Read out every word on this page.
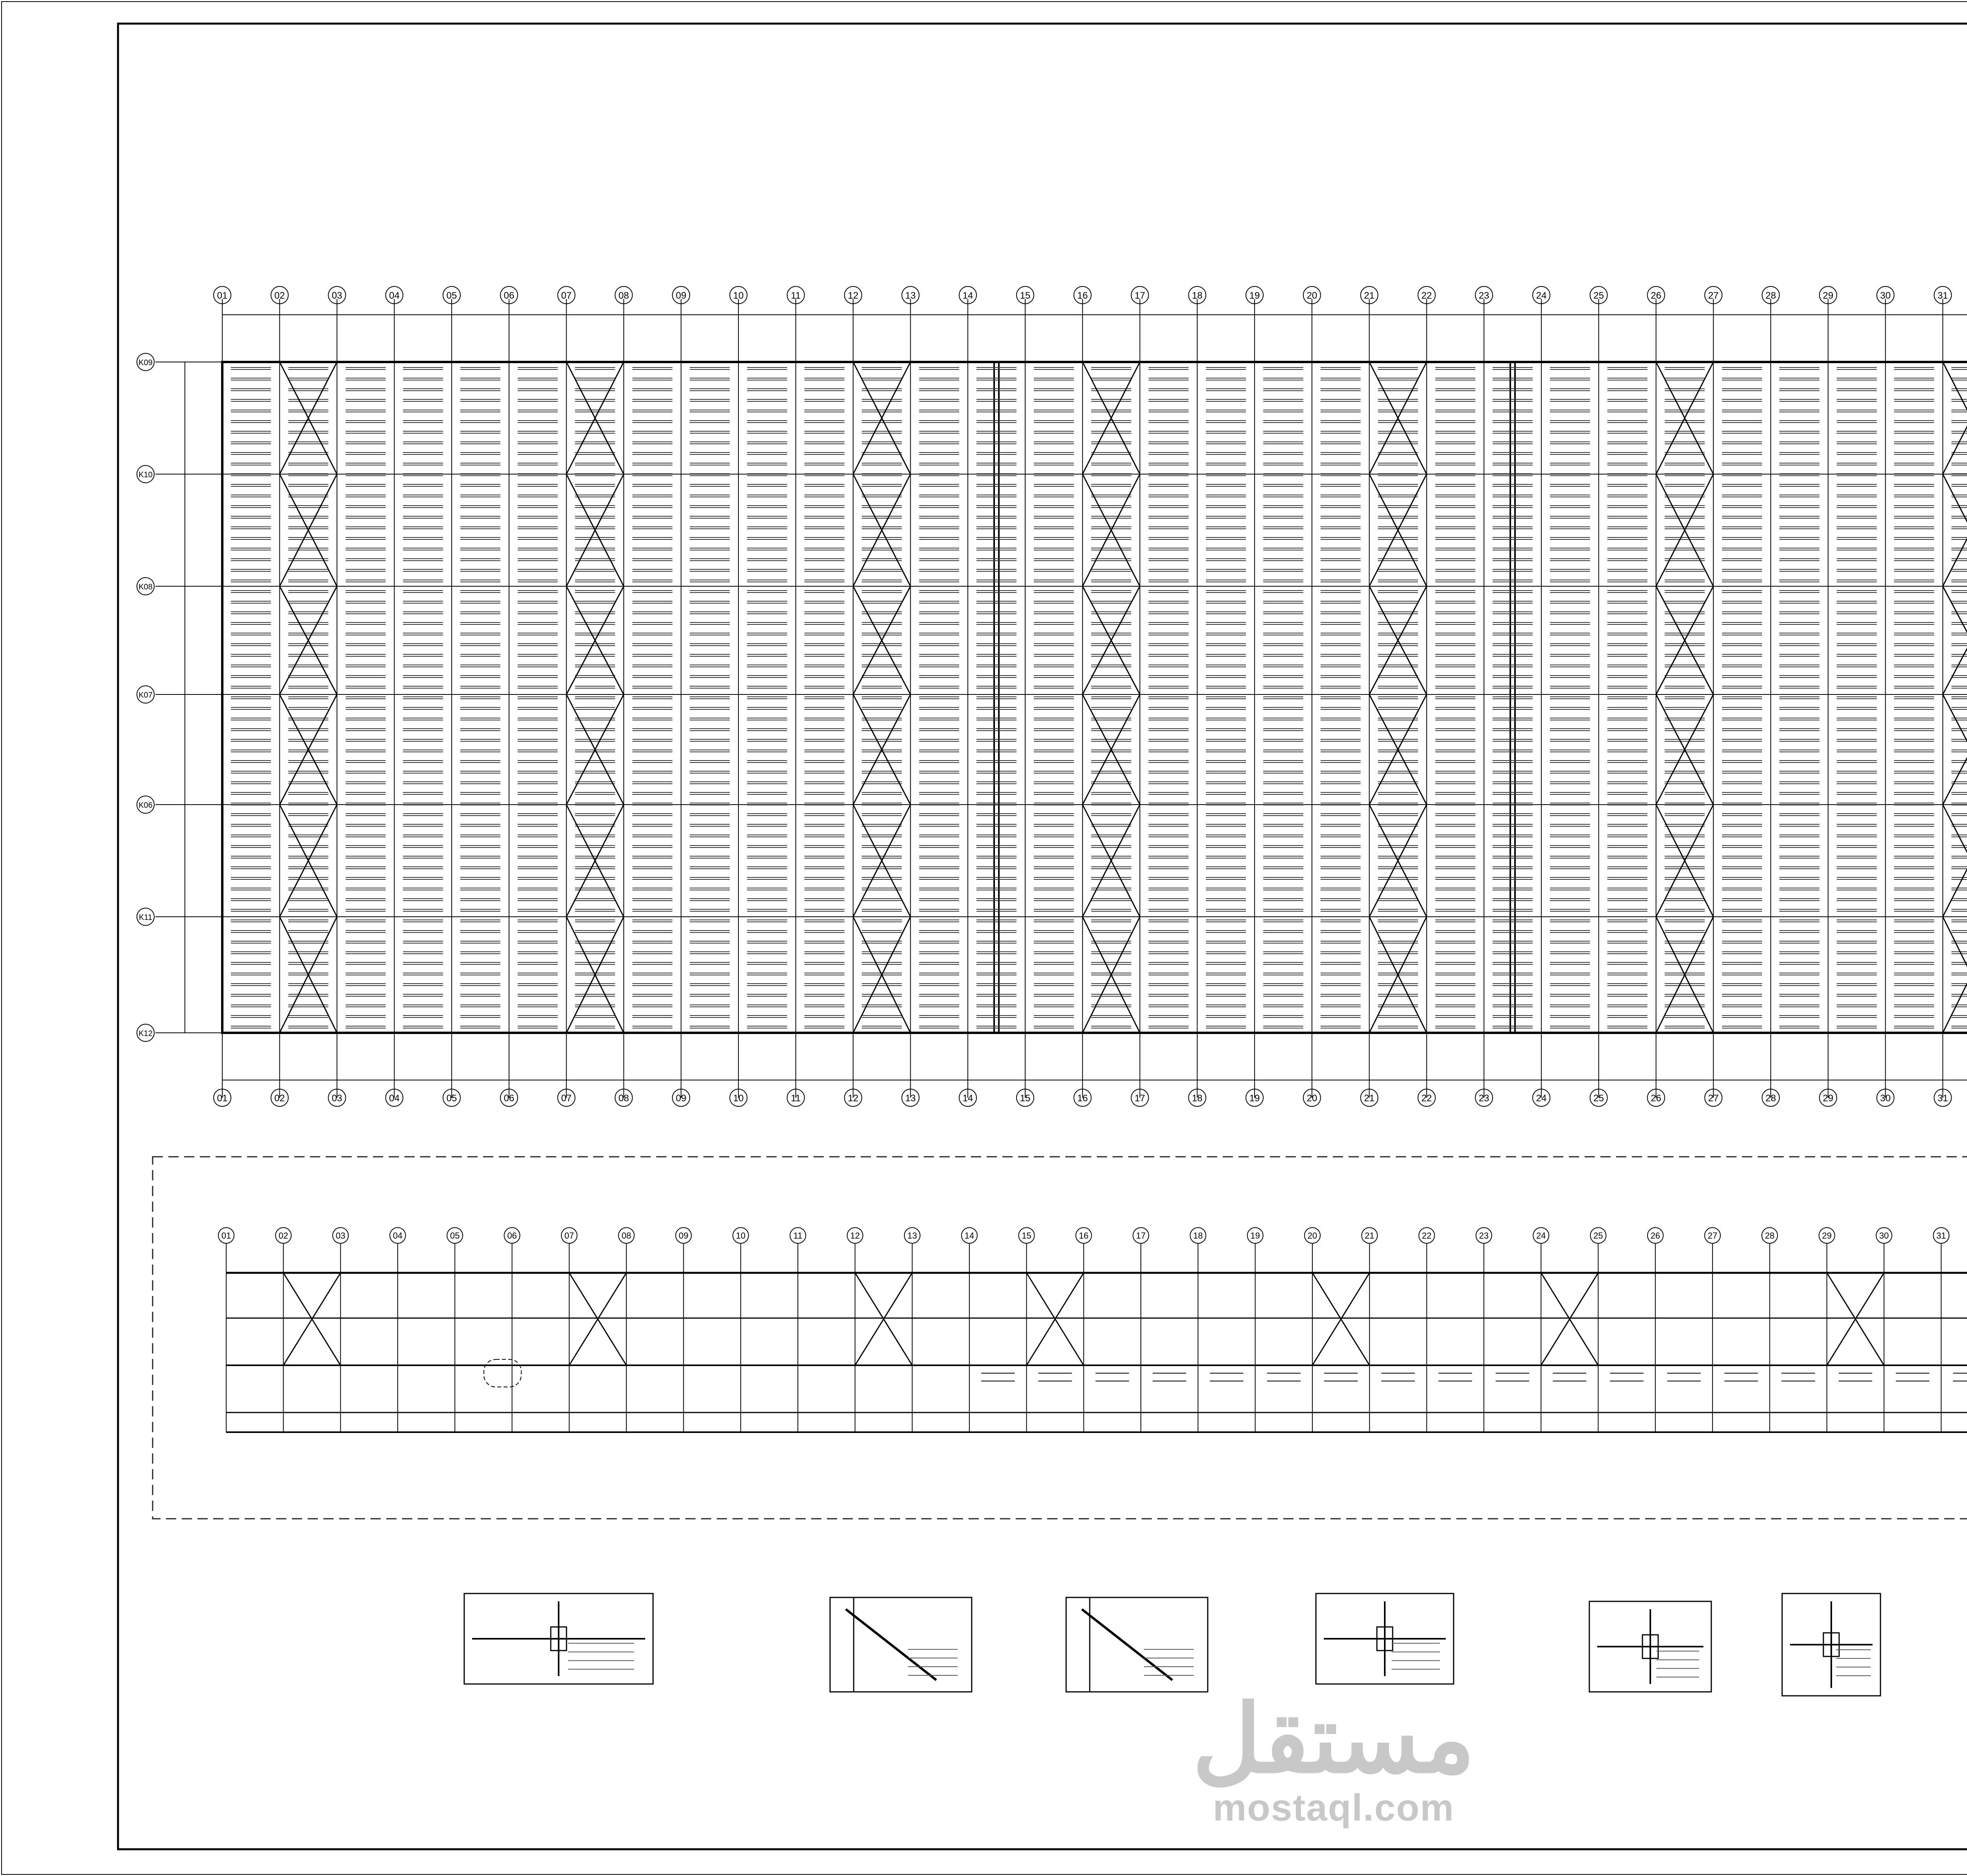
01
01
02
02
03
03
04
04
05
05
06
06
07
07
08
08
09
09
10
10
11
11
12
12
13
13
14
14
15
15
16
16
17
17
18
18
19
19
20
20
21
21
22
22
23
23
24
24
25
25
26
26
27
27
28
28
29
29
30
30
31
31
K09
K10
K08
K07
K06
K11
K12
01	02	03	04	05	06	07	08	09	10	11	12	13	14	15	16	17	18	19	20	21	22	23	24	25	26	27	28	29	30	31
مستقل
mostaql.com
